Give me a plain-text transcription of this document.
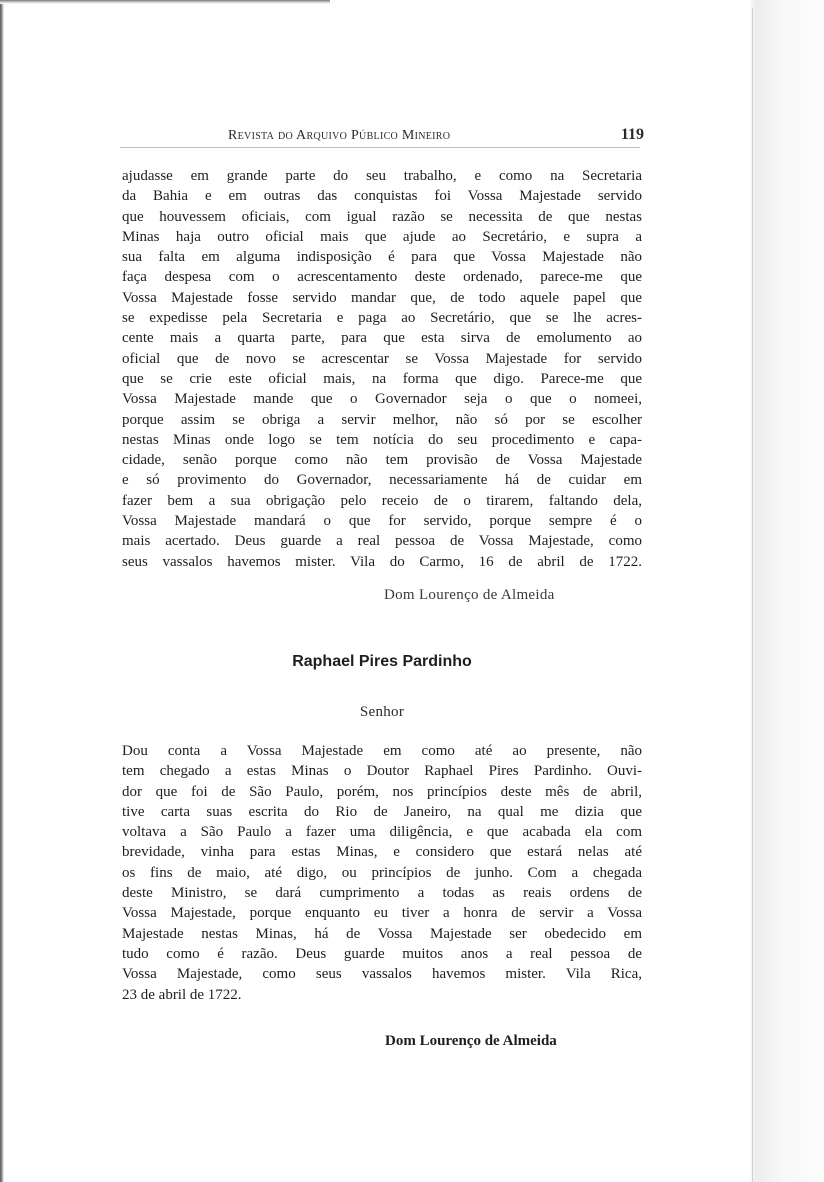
Revista do Arquivo Público Mineiro	119
ajudasse em grande parte do seu trabalho, e como na Secretaria
da Bahia e em outras das conquistas foi Vossa Majestade servido
que houvessem oficiais, com igual razão se necessita de que nestas
Minas haja outro oficial mais que ajude ao Secretário, e supra a
sua falta em alguma indisposição é para que Vossa Majestade não
faça despesa com o acrescentamento deste ordenado, parece-me que
Vossa Majestade fosse servido mandar que, de todo aquele papel que
se expedisse pela Secretaria e paga ao Secretário, que se lhe acres-
cente mais a quarta parte, para que esta sirva de emolumento ao
oficial que de novo se acrescentar se Vossa Majestade for servido
que se crie este oficial mais, na forma que digo. Parece-me que
Vossa Majestade mande que o Governador seja o que o nomeei,
porque assim se obriga a servir melhor, não só por se escolher
nestas Minas onde logo se tem notícia do seu procedimento e capa-
cidade, senão porque como não tem provisão de Vossa Majestade
e só provimento do Governador, necessariamente há de cuidar em
fazer bem a sua obrigação pelo receio de o tirarem, faltando dela,
Vossa Majestade mandará o que for servido, porque sempre é o
mais acertado. Deus guarde a real pessoa de Vossa Majestade, como
seus vassalos havemos mister. Vila do Carmo, 16 de abril de 1722.
Dom Lourenço de Almeida
Raphael Pires Pardinho
Senhor
Dou conta a Vossa Majestade em como até ao presente, não
tem chegado a estas Minas o Doutor Raphael Pires Pardinho. Ouvi-
dor que foi de São Paulo, porém, nos princípios deste mês de abril,
tive carta suas escrita do Rio de Janeiro, na qual me dizia que
voltava a São Paulo a fazer uma diligência, e que acabada ela com
brevidade, vinha para estas Minas, e considero que estará nelas até
os fins de maio, até digo, ou princípios de junho. Com a chegada
deste Ministro, se dará cumprimento a todas as reais ordens de
Vossa Majestade, porque enquanto eu tiver a honra de servir a Vossa
Majestade nestas Minas, há de Vossa Majestade ser obedecido em
tudo como é razão. Deus guarde muitos anos a real pessoa de
Vossa Majestade, como seus vassalos havemos mister. Vila Rica,
23 de abril de 1722.
Dom Lourenço de Almeida
